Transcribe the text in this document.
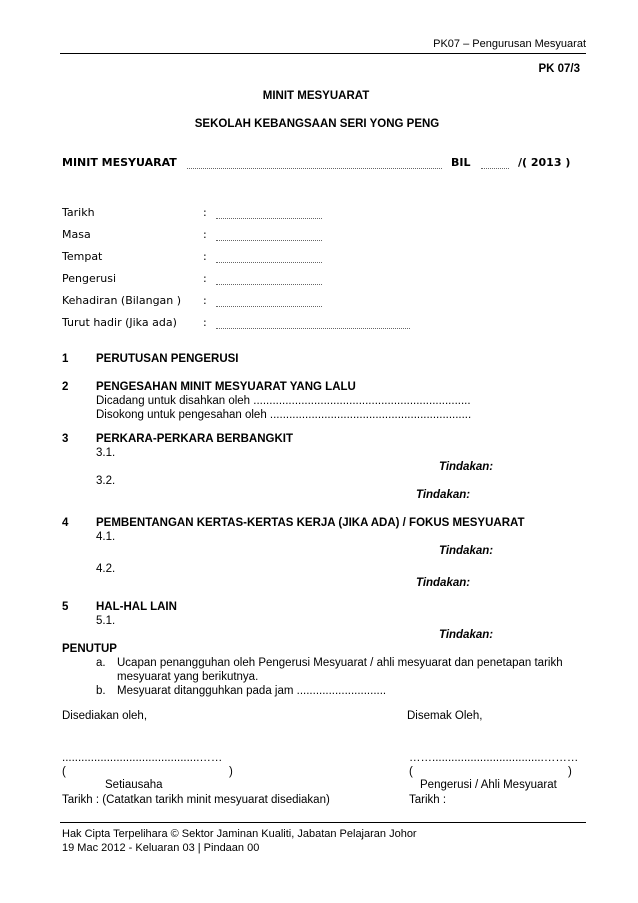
PK07 – Pengurusan Mesyuarat
PK 07/3
MINIT MESYUARAT
SEKOLAH KEBANGSAAN SERI YONG PENG
MINIT MESYUARAT	BIL	/( 2013 )
Tarikh	:
Masa	:
Tempat	:
Pengerusi	:
Kehadiran (Bilangan ) :
Turut hadir (Jika ada) :
1 PERUTUSAN PENGERUSI
2 PENGESAHAN MINIT MESYUARAT YANG LALU
Dicadang untuk disahkan oleh ....................................................................
Disokong untuk pengesahan oleh ...............................................................
3 PERKARA-PERKARA BERBANGKIT
3.1.
Tindakan:
3.2.
Tindakan:
4 PEMBENTANGAN KERTAS-KERTAS KERJA (JIKA ADA) / FOKUS MESYUARAT
4.1.
Tindakan:
4.2.
Tindakan:
5 HAL-HAL LAIN
5.1.
Tindakan:
PENUTUP
a. Ucapan penangguhan oleh Pengerusi Mesyuarat / ahli mesyuarat dan penetapan tarikh
mesyuarat yang berikutnya.
b. Mesyuarat ditangguhkan pada jam ............................
Disediakan oleh,	Disemak Oleh,
...........................................……	……...................................………
(	)	(	)
Setiausaha	Pengerusi / Ahli Mesyuarat
Tarikh : (Catatkan tarikh minit mesyuarat disediakan)	Tarikh :
Hak Cipta Terpelihara © Sektor Jaminan Kualiti, Jabatan Pelajaran Johor
19 Mac 2012 - Keluaran 03 | Pindaan 00
